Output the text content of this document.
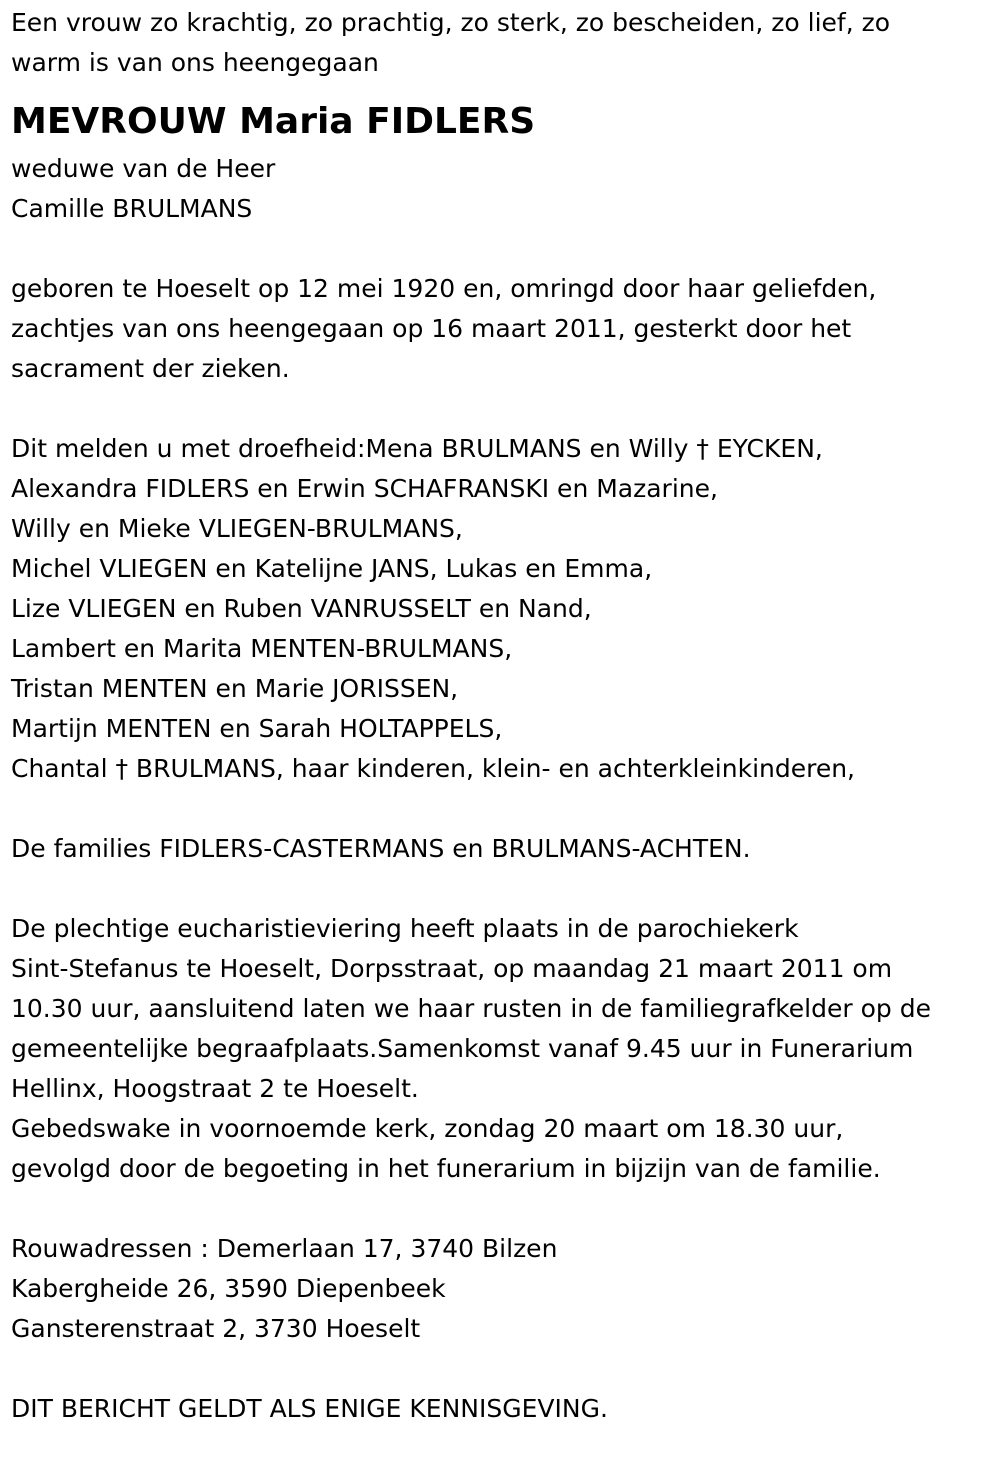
Een vrouw zo krachtig, zo prachtig, zo sterk, zo bescheiden, zo lief, zo
warm is van ons heengegaan
MEVROUW Maria FIDLERS
weduwe van de Heer
Camille BRULMANS
geboren te Hoeselt op 12 mei 1920 en, omringd door haar geliefden,
zachtjes van ons heengegaan op 16 maart 2011, gesterkt door het
sacrament der zieken.
Dit melden u met droefheid:Mena BRULMANS en Willy † EYCKEN,
Alexandra FIDLERS en Erwin SCHAFRANSKI en Mazarine,
Willy en Mieke VLIEGEN-BRULMANS,
Michel VLIEGEN en Katelijne JANS, Lukas en Emma,
Lize VLIEGEN en Ruben VANRUSSELT en Nand,
Lambert en Marita MENTEN-BRULMANS,
Tristan MENTEN en Marie JORISSEN,
Martijn MENTEN en Sarah HOLTAPPELS,
Chantal † BRULMANS, haar kinderen, klein- en achterkleinkinderen,
De families FIDLERS-CASTERMANS en BRULMANS-ACHTEN.
De plechtige eucharistieviering heeft plaats in de parochiekerk
Sint-Stefanus te Hoeselt, Dorpsstraat, op maandag 21 maart 2011 om
10.30 uur, aansluitend laten we haar rusten in de familiegrafkelder op de
gemeentelijke begraafplaats.Samenkomst vanaf 9.45 uur in Funerarium
Hellinx, Hoogstraat 2 te Hoeselt.
Gebedswake in voornoemde kerk, zondag 20 maart om 18.30 uur,
gevolgd door de begoeting in het funerarium in bijzijn van de familie.
Rouwadressen : Demerlaan 17, 3740 Bilzen
Kabergheide 26, 3590 Diepenbeek
Gansterenstraat 2, 3730 Hoeselt
DIT BERICHT GELDT ALS ENIGE KENNISGEVING.
